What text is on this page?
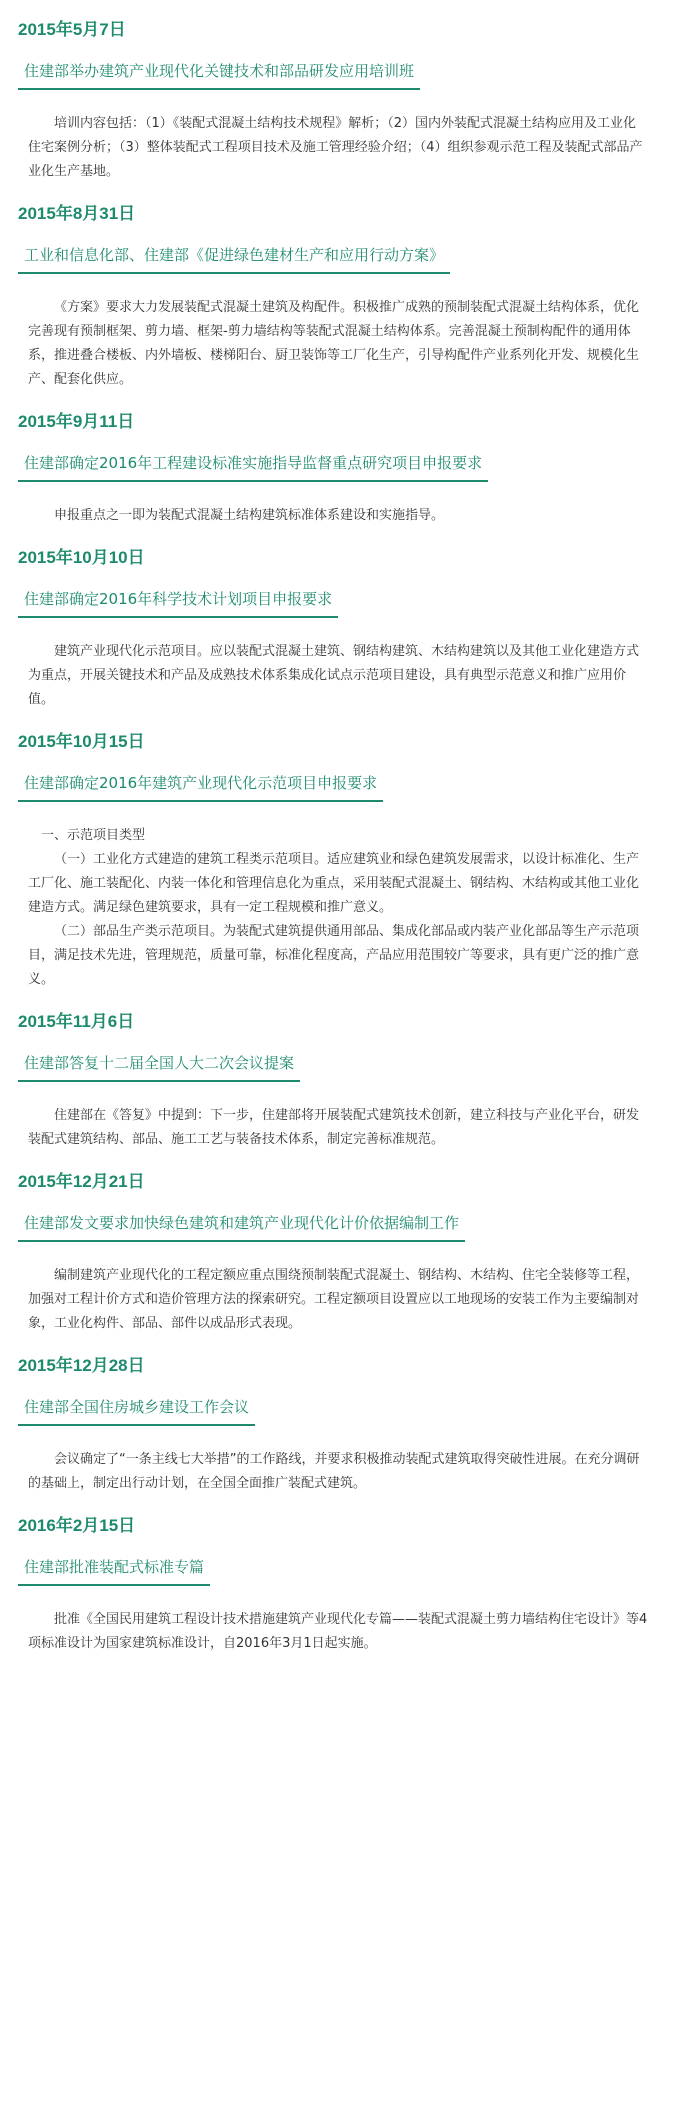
2015年5月7日
住建部举办建筑产业现代化关键技术和部品研发应用培训班

培训内容包括：（1）《装配式混凝土结构技术规程》解析；（2）国内外装配式混凝土结构应用及工业化住宅案例分析；（3）整体装配式工程项目技术及施工管理经验介绍；（4）组织参观示范工程及装配式部品产业化生产基地。

2015年8月31日
工业和信息化部、住建部《促进绿色建材生产和应用行动方案》

《方案》要求大力发展装配式混凝土建筑及构配件。积极推广成熟的预制装配式混凝土结构体系，优化完善现有预制框架、剪力墙、框架-剪力墙结构等装配式混凝土结构体系。完善混凝土预制构配件的通用体系，推进叠合楼板、内外墙板、楼梯阳台、厨卫装饰等工厂化生产，引导构配件产业系列化开发、规模化生产、配套化供应。

2015年9月11日
住建部确定2016年工程建设标准实施指导监督重点研究项目申报要求

申报重点之一即为装配式混凝土结构建筑标准体系建设和实施指导。

2015年10月10日
住建部确定2016年科学技术计划项目申报要求

建筑产业现代化示范项目。应以装配式混凝土建筑、钢结构建筑、木结构建筑以及其他工业化建造方式为重点，开展关键技术和产品及成熟技术体系集成化试点示范项目建设，具有典型示范意义和推广应用价值。

2015年10月15日
住建部确定2016年建筑产业现代化示范项目申报要求

一、示范项目类型

（一）工业化方式建造的建筑工程类示范项目。适应建筑业和绿色建筑发展需求，以设计标准化、生产工厂化、施工装配化、内装一体化和管理信息化为重点，采用装配式混凝土、钢结构、木结构或其他工业化建造方式。满足绿色建筑要求，具有一定工程规模和推广意义。

（二）部品生产类示范项目。为装配式建筑提供通用部品、集成化部品或内装产业化部品等生产示范项目，满足技术先进，管理规范，质量可靠，标准化程度高，产品应用范围较广等要求，具有更广泛的推广意义。

2015年11月6日
住建部答复十二届全国人大二次会议提案

住建部在《答复》中提到：下一步，住建部将开展装配式建筑技术创新，建立科技与产业化平台，研发装配式建筑结构、部品、施工工艺与装备技术体系，制定完善标准规范。

2015年12月21日
住建部发文要求加快绿色建筑和建筑产业现代化计价依据编制工作

编制建筑产业现代化的工程定额应重点围绕预制装配式混凝土、钢结构、木结构、住宅全装修等工程，加强对工程计价方式和造价管理方法的探索研究。工程定额项目设置应以工地现场的安装工作为主要编制对象，工业化构件、部品、部件以成品形式表现。

2015年12月28日
住建部全国住房城乡建设工作会议

会议确定了“一条主线七大举措”的工作路线，并要求积极推动装配式建筑取得突破性进展。在充分调研的基础上，制定出行动计划，在全国全面推广装配式建筑。

2016年2月15日
住建部批准装配式标准专篇

批准《全国民用建筑工程设计技术措施建筑产业现代化专篇——装配式混凝土剪力墙结构住宅设计》等4项标准设计为国家建筑标准设计，自2016年3月1日起实施。
